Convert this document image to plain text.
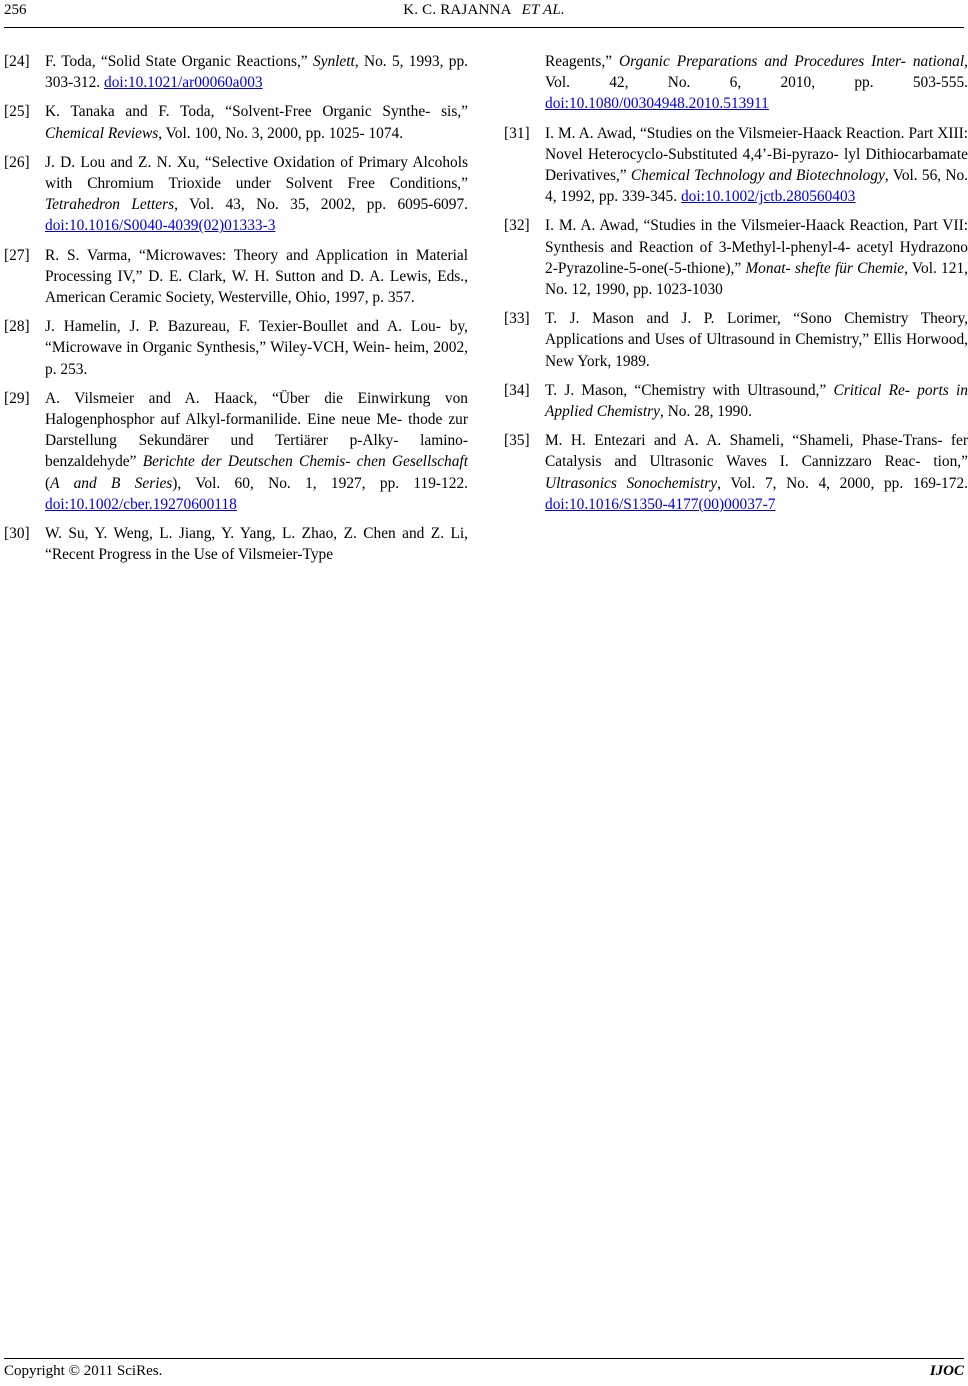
256	K. C. RAJANNA ET AL.
[24] F. Toda, “Solid State Organic Reactions,” Synlett, No. 5, 1993, pp. 303-312. doi:10.1021/ar00060a003
[25] K. Tanaka and F. Toda, “Solvent-Free Organic Synthe- sis,” Chemical Reviews, Vol. 100, No. 3, 2000, pp. 1025- 1074.
[26] J. D. Lou and Z. N. Xu, “Selective Oxidation of Primary Alcohols with Chromium Trioxide under Solvent Free Conditions,” Tetrahedron Letters, Vol. 43, No. 35, 2002, pp. 6095-6097. doi:10.1016/S0040-4039(02)01333-3
[27] R. S. Varma, “Microwaves: Theory and Application in Material Processing IV,” D. E. Clark, W. H. Sutton and D. A. Lewis, Eds., American Ceramic Society, Westerville, Ohio, 1997, p. 357.
[28] J. Hamelin, J. P. Bazureau, F. Texier-Boullet and A. Lou- by, “Microwave in Organic Synthesis,” Wiley-VCH, Wein- heim, 2002, p. 253.
[29] A. Vilsmeier and A. Haack, “Über die Einwirkung von Halogenphosphor auf Alkyl-formanilide. Eine neue Me- thode zur Darstellung Sekundärer und Tertiärer p-Alky- lamino-benzaldehyde” Berichte der Deutschen Chemis- chen Gesellschaft (A and B Series), Vol. 60, No. 1, 1927, pp. 119-122. doi:10.1002/cber.19270600118
[30] W. Su, Y. Weng, L. Jiang, Y. Yang, L. Zhao, Z. Chen and Z. Li, “Recent Progress in the Use of Vilsmeier-Type
Reagents,” Organic Preparations and Procedures Inter- national, Vol. 42, No. 6, 2010, pp. 503-555. doi:10.1080/00304948.2010.513911
[31] I. M. A. Awad, “Studies on the Vilsmeier-Haack Reaction. Part XIII: Novel Heterocyclo-Substituted 4,4’-Bi-pyrazo- lyl Dithiocarbamate Derivatives,” Chemical Technology and Biotechnology, Vol. 56, No. 4, 1992, pp. 339-345. doi:10.1002/jctb.280560403
[32] I. M. A. Awad, “Studies in the Vilsmeier-Haack Reaction, Part VII: Synthesis and Reaction of 3-Methyl-l-phenyl-4- acetyl Hydrazono 2-Pyrazoline-5-one(-5-thione),” Monat- shefte für Chemie, Vol. 121, No. 12, 1990, pp. 1023-1030
[33] T. J. Mason and J. P. Lorimer, “Sono Chemistry Theory, Applications and Uses of Ultrasound in Chemistry,” Ellis Horwood, New York, 1989.
[34] T. J. Mason, “Chemistry with Ultrasound,” Critical Re- ports in Applied Chemistry, No. 28, 1990.
[35] M. H. Entezari and A. A. Shameli, “Shameli, Phase-Trans- fer Catalysis and Ultrasonic Waves I. Cannizzaro Reac- tion,” Ultrasonics Sonochemistry, Vol. 7, No. 4, 2000, pp. 169-172. doi:10.1016/S1350-4177(00)00037-7
Copyright © 2011 SciRes.	IJOC
